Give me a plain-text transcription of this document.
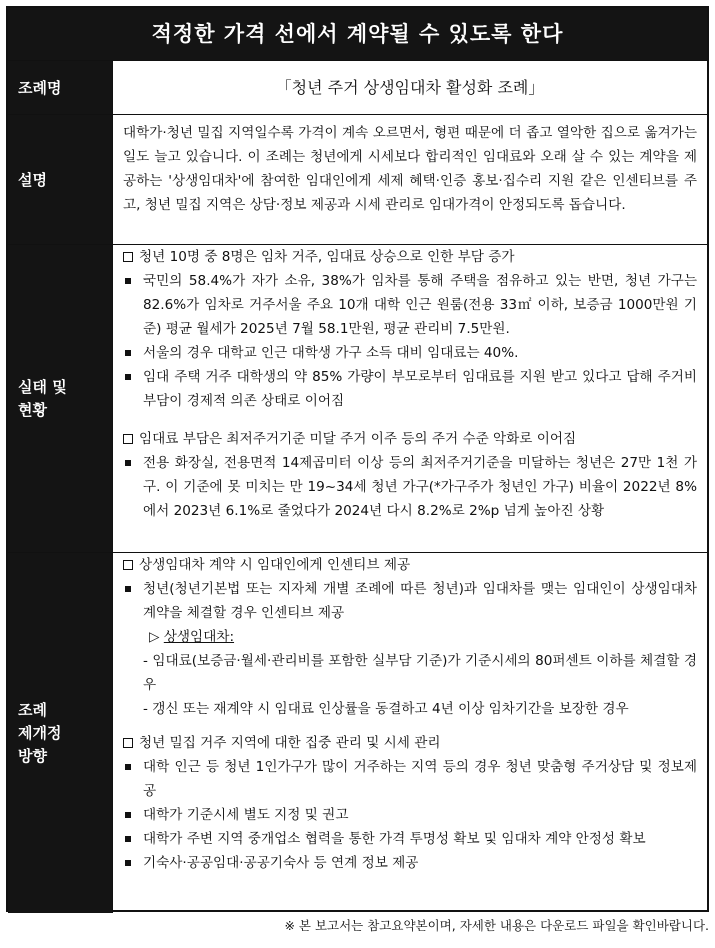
적정한 가격 선에서 계약될 수 있도록 한다
조례명	「청년 주거 상생임대차 활성화 조례」
설명
대학가·청년 밀집 지역일수록 가격이 계속 오르면서, 형편 때문에 더 좁고 열악한 집으로 옮겨가는 일도 늘고 있습니다. 이 조례는 청년에게 시세보다 합리적인 임대료와 오래 살 수 있는 계약을 제공하는 '상생임대차'에 참여한 임대인에게 세제 혜택·인증 홍보·집수리 지원 같은 인센티브를 주고, 청년 밀집 지역은 상담·정보 제공과 시세 관리로 임대가격이 안정되도록 돕습니다.
실태 및
현황
청년 10명 중 8명은 임차 거주, 임대료 상승으로 인한 부담 증가
국민의 58.4%가 자가 소유, 38%가 임차를 통해 주택을 점유하고 있는 반면, 청년 가구는 82.6%가 임차로 거주서울 주요 10개 대학 인근 원룸(전용 33㎡ 이하, 보증금 1000만원 기준) 평균 월세가 2025년 7월 58.1만원, 평균 관리비 7.5만원.
서울의 경우 대학교 인근 대학생 가구 소득 대비 임대료는 40%.
임대 주택 거주 대학생의 약 85% 가량이 부모로부터 임대료를 지원 받고 있다고 답해 주거비 부담이 경제적 의존 상태로 이어짐
임대료 부담은 최저주거기준 미달 주거 이주 등의 주거 수준 악화로 이어짐
전용 화장실, 전용면적 14제곱미터 이상 등의 최저주거기준을 미달하는 청년은 27만 1천 가구. 이 기준에 못 미치는 만 19~34세 청년 가구(*가구주가 청년인 가구) 비율이 2022년 8%에서 2023년 6.1%로 줄었다가 2024년 다시 8.2%로 2%p 넘게 높아진 상황
조례
제개정
방향
상생임대차 계약 시 임대인에게 인센티브 제공
청년(청년기본법 또는 지자체 개별 조례에 따른 청년)과 임대차를 맺는 임대인이 상생임대차 계약을 체결할 경우 인센티브 제공
▷ 상생임대차:
- 임대료(보증금·월세·관리비를 포함한 실부담 기준)가 기준시세의 80퍼센트 이하를 체결할 경우
- 갱신 또는 재계약 시 임대료 인상률을 동결하고 4년 이상 임차기간을 보장한 경우
청년 밀집 거주 지역에 대한 집중 관리 및 시세 관리
대학 인근 등 청년 1인가구가 많이 거주하는 지역 등의 경우 청년 맞춤형 주거상담 및 정보제공
대학가 기준시세 별도 지정 및 권고
대학가 주변 지역 중개업소 협력을 통한 가격 투명성 확보 및 임대차 계약 안정성 확보
기숙사·공공임대·공공기숙사 등 연계 정보 제공
※ 본 보고서는 참고요약본이며, 자세한 내용은 다운로드 파일을 확인바랍니다.
